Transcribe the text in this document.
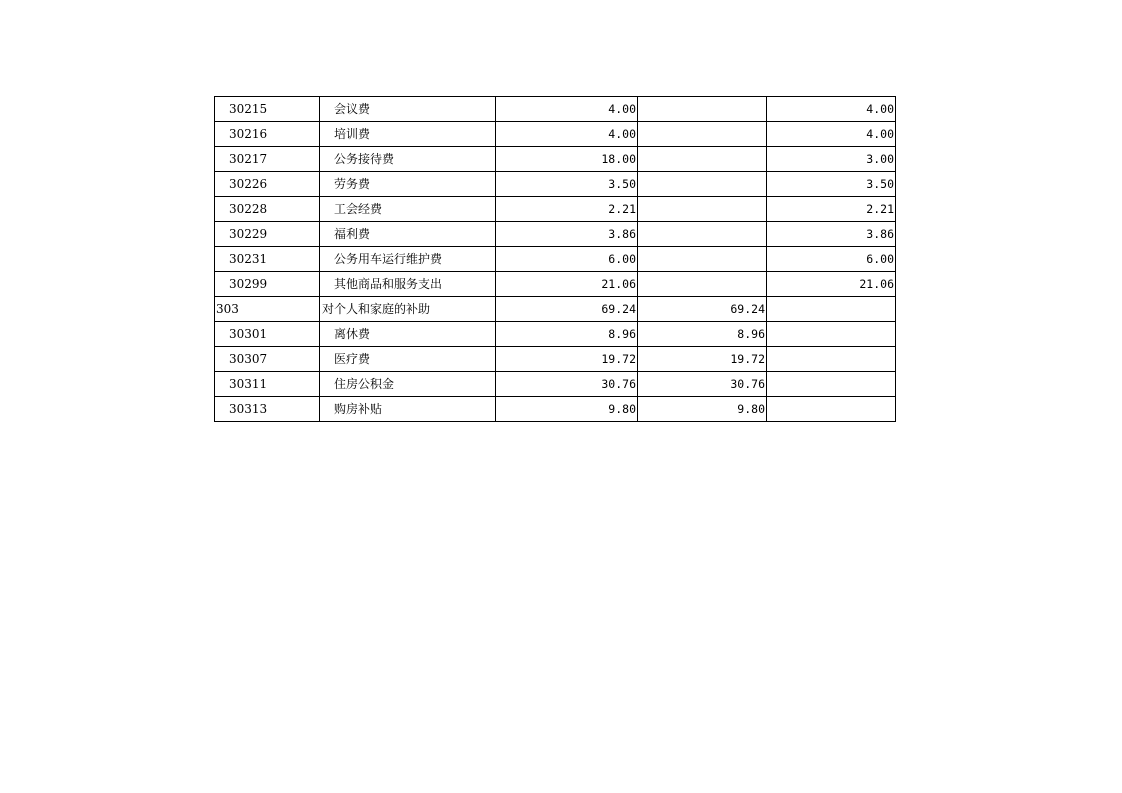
30215	会议费	4.00		4.00
30216	培训费	4.00		4.00
30217	公务接待费	18.00		3.00
30226	劳务费	3.50		3.50
30228	工会经费	2.21		2.21
30229	福利费	3.86		3.86
30231	公务用车运行维护费	6.00		6.00
30299	其他商品和服务支出	21.06		21.06
303	对个人和家庭的补助	69.24	69.24	
30301	离休费	8.96	8.96	
30307	医疗费	19.72	19.72	
30311	住房公积金	30.76	30.76	
30313	购房补贴	9.80	9.80	
